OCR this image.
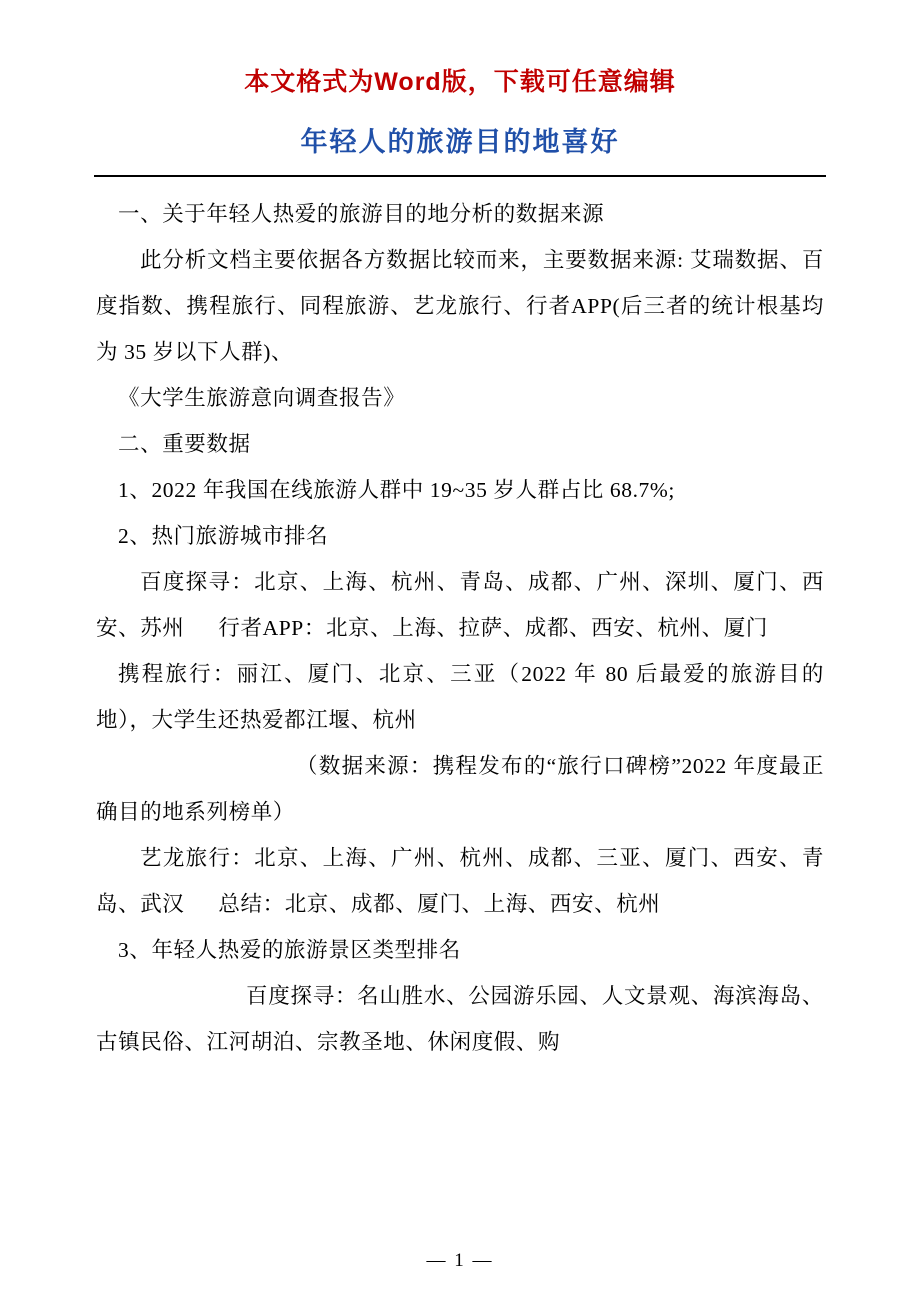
本文格式为Word版，下载可任意编辑
年轻人的旅游目的地喜好

一、关于年轻人热爱的旅游目的地分析的数据来源

此分析文档主要依据各方数据比较而来，主要数据来源: 艾瑞数据、百度指数、携程旅行、同程旅游、艺龙旅行、行者APP(后三者的统计根基均为 35 岁以下人群)、

《大学生旅游意向调查报告》

二、重要数据

1、2022 年我国在线旅游人群中 19~35 岁人群占比 68.7%;

2、热门旅游城市排名

百度探寻：北京、上海、杭州、青岛、成都、广州、深圳、厦门、西安、苏州 行者APP：北京、上海、拉萨、成都、西安、杭州、厦门

携程旅行：丽江、厦门、北京、三亚（2022 年 80 后最爱的旅游目的地），大学生还热爱都江堰、杭州

（数据来源：携程发布的“旅行口碑榜”2022 年度最正确目的地系列榜单）

艺龙旅行：北京、上海、广州、杭州、成都、三亚、厦门、西安、青岛、武汉 总结：北京、成都、厦门、上海、西安、杭州

3、年轻人热爱的旅游景区类型排名

百度探寻：名山胜水、公园游乐园、人文景观、海滨海岛、古镇民俗、江河胡泊、宗教圣地、休闲度假、购

— 1 —
